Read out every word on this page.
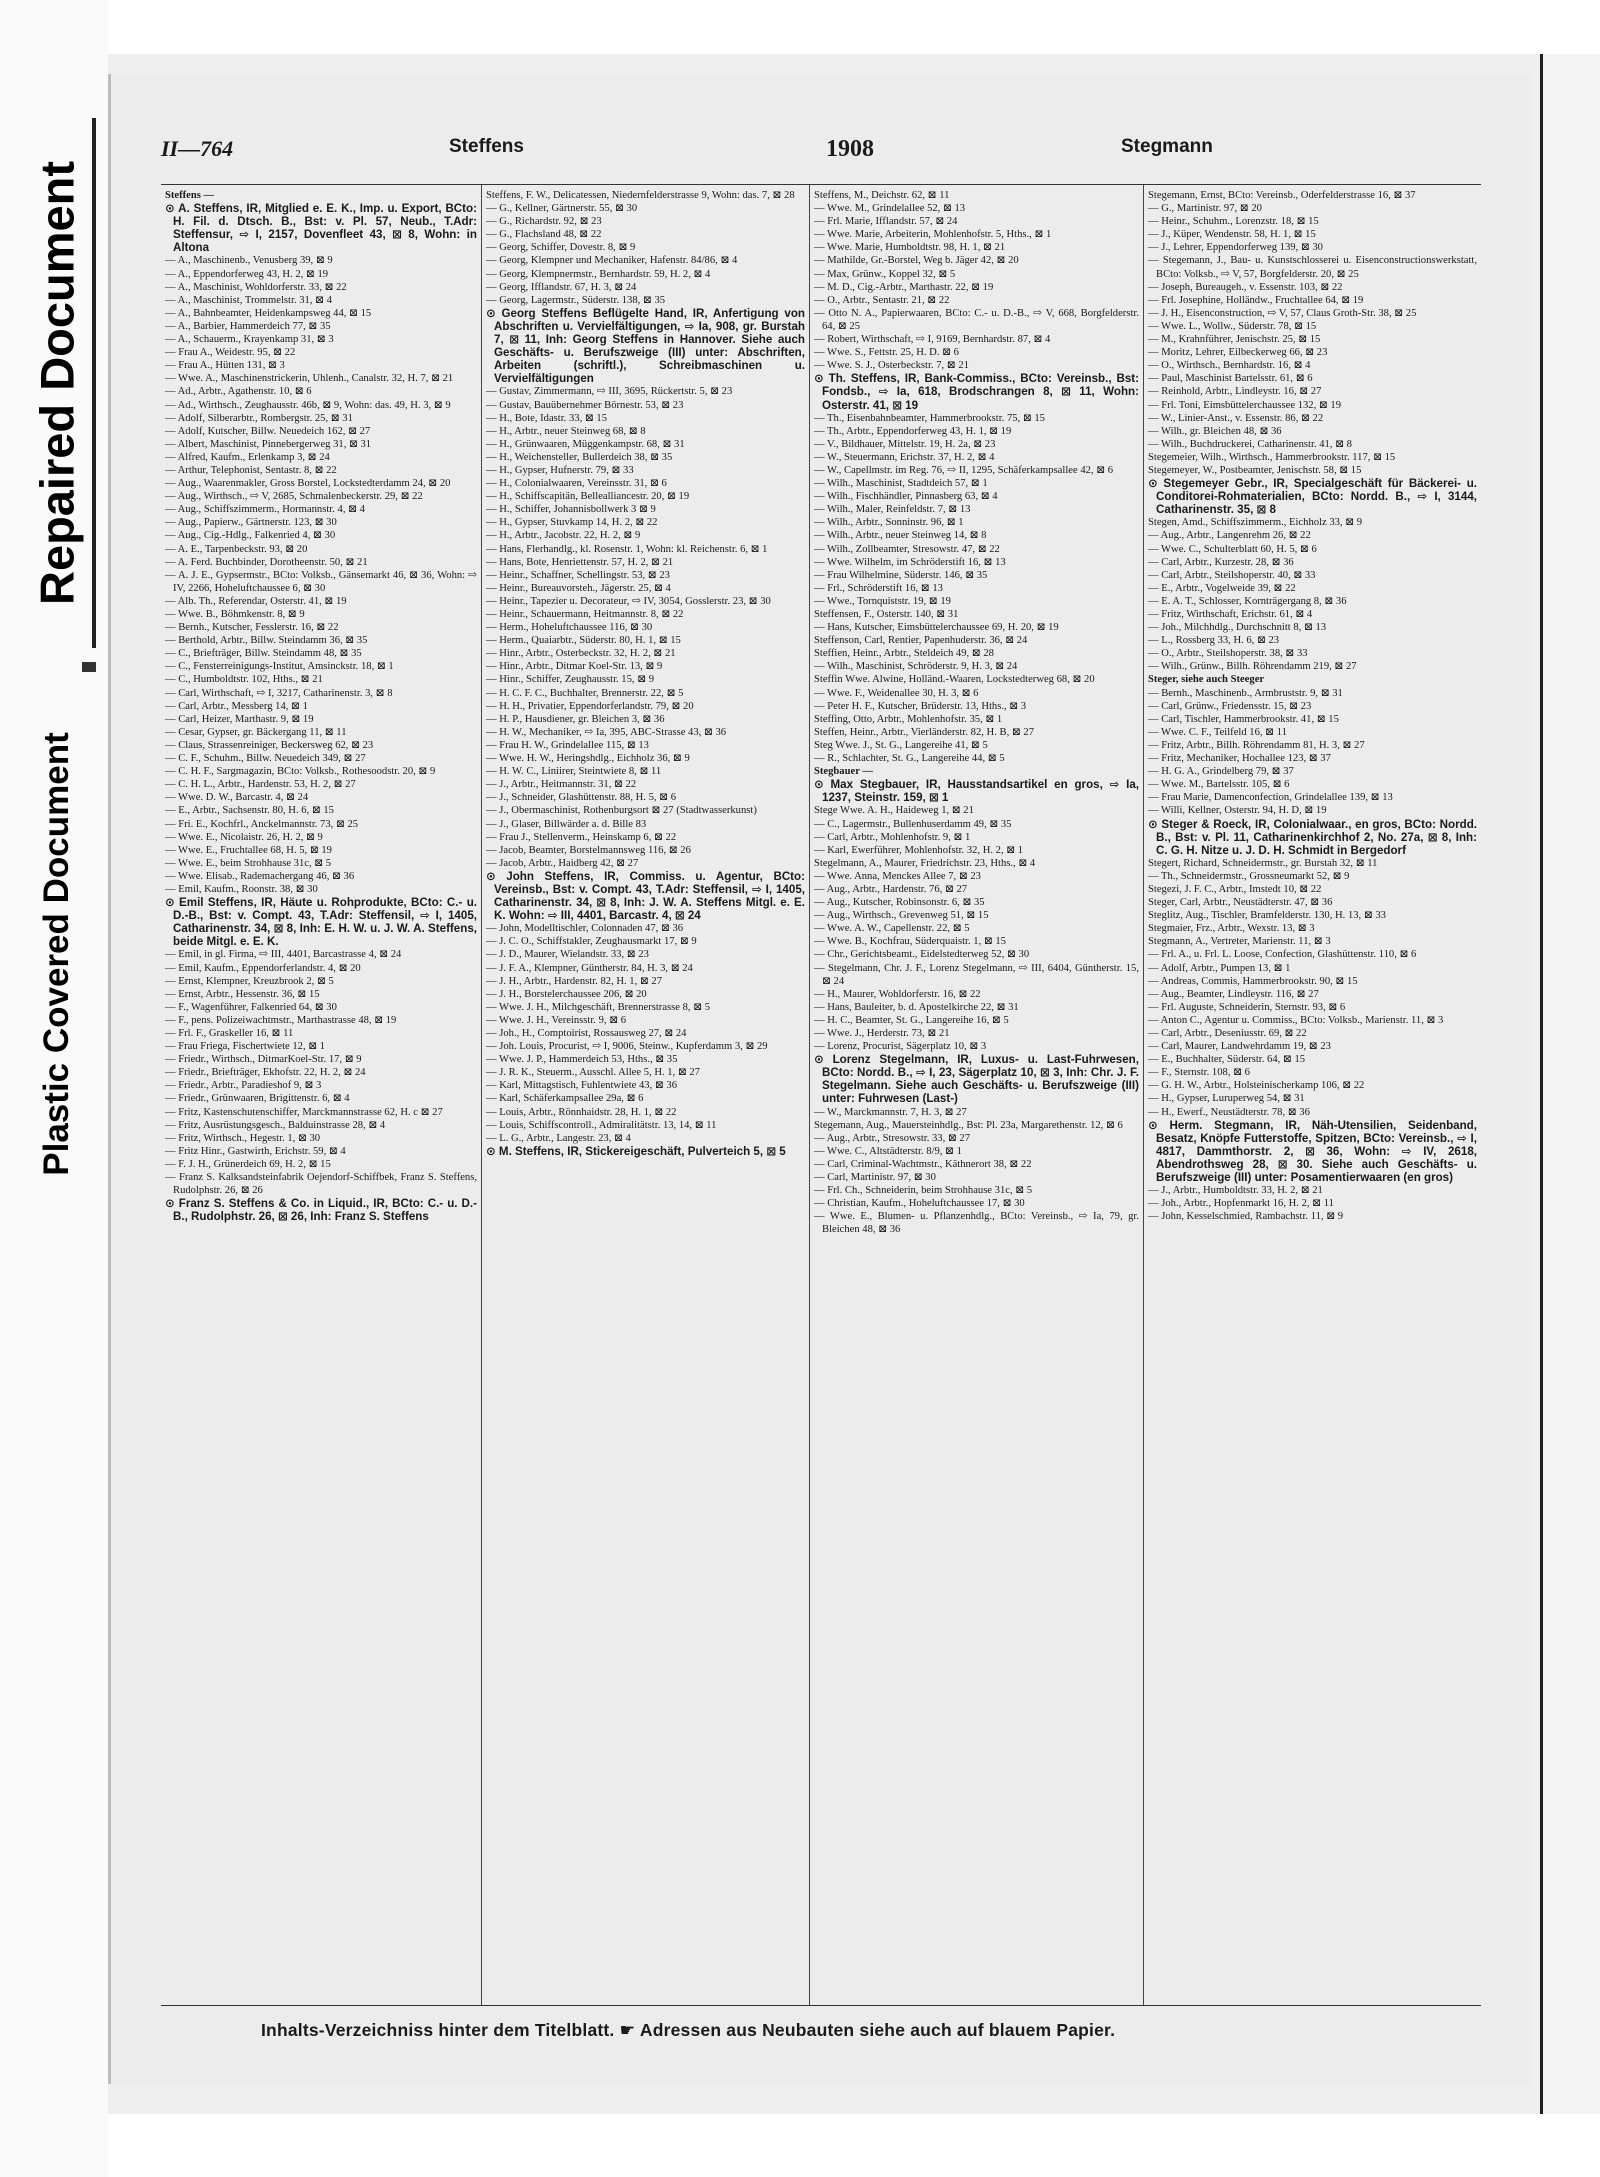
Repaired Document
Plastic Covered Document
II—764	Steffens	1908	Stegmann

Steffens —

⊙ A. Steffens, IR, Mitglied e. E. K., Imp. u. Export, BCto: H. Fil. d. Dtsch. B., Bst: v. Pl. 57, Neub., T.Adr: Steffensur, ⇨ I, 2157, Dovenfleet 43, ⊠ 8, Wohn: in Altona

— A., Maschinenb., Venusberg 39, ⊠ 9

— A., Eppendorferweg 43, H. 2, ⊠ 19

— A., Maschinist, Wohldorferstr. 33, ⊠ 22

— A., Maschinist, Trommelstr. 31, ⊠ 4

— A., Bahnbeamter, Heidenkampsweg 44, ⊠ 15

— A., Barbier, Hammerdeich 77, ⊠ 35

— A., Schauerm., Krayenkamp 31, ⊠ 3

— Frau A., Weidestr. 95, ⊠ 22

— Frau A., Hütten 131, ⊠ 3

— Wwe. A., Maschinenstrickerin, Uhlenh., Canalstr. 32, H. 7, ⊠ 21

— Ad., Arbtr., Agathenstr. 10, ⊠ 6

— Ad., Wirthsch., Zeughausstr. 46b, ⊠ 9, Wohn: das. 49, H. 3, ⊠ 9

— Adolf, Silberarbtr., Rombergstr. 25, ⊠ 31

— Adolf, Kutscher, Billw. Neuedeich 162, ⊠ 27

— Albert, Maschinist, Pinnebergerweg 31, ⊠ 31

— Alfred, Kaufm., Erlenkamp 3, ⊠ 24

— Arthur, Telephonist, Sentastr. 8, ⊠ 22

— Aug., Waarenmakler, Gross Borstel, Lockstedterdamm 24, ⊠ 20

— Aug., Wirthsch., ⇨ V, 2685, Schmalenbeckerstr. 29, ⊠ 22

— Aug., Schiffszimmerm., Hormannstr. 4, ⊠ 4

— Aug., Papierw., Gärtnerstr. 123, ⊠ 30

— Aug., Cig.-Hdlg., Falkenried 4, ⊠ 30

— A. E., Tarpenbeckstr. 93, ⊠ 20

— A. Ferd. Buchbinder, Dorotheenstr. 50, ⊠ 21

— A. J. E., Gypsermstr., BCto: Volksb., Gänsemarkt 46, ⊠ 36, Wohn: ⇨ IV, 2266, Hoheluftchaussee 6, ⊠ 30

— Alb. Th., Referendar, Osterstr. 41, ⊠ 19

— Wwe. B., Böhmkenstr. 8, ⊠ 9

— Bernh., Kutscher, Fesslerstr. 16, ⊠ 22

— Berthold, Arbtr., Billw. Steindamm 36, ⊠ 35

— C., Briefträger, Billw. Steindamm 48, ⊠ 35

— C., Fensterreinigungs-Institut, Amsinckstr. 18, ⊠ 1

— C., Humboldtstr. 102, Hths., ⊠ 21

— Carl, Wirthschaft, ⇨ I, 3217, Catharinenstr. 3, ⊠ 8

— Carl, Arbtr., Messberg 14, ⊠ 1

— Carl, Heizer, Marthastr. 9, ⊠ 19

— Cesar, Gypser, gr. Bäckergang 11, ⊠ 11

— Claus, Strassenreiniger, Beckersweg 62, ⊠ 23

— C. F., Schuhm., Billw. Neuedeich 349, ⊠ 27

— C. H. F., Sargmagazin, BCto: Volksb., Rothesoodstr. 20, ⊠ 9

— C. H. L., Arbtr., Hardenstr. 53, H. 2, ⊠ 27

— Wwe. D. W., Barcastr. 4, ⊠ 24

— E., Arbtr., Sachsenstr. 80, H. 6, ⊠ 15

— Fri. E., Kochfrl., Anckelmannstr. 73, ⊠ 25

— Wwe. E., Nicolaistr. 26, H. 2, ⊠ 9

— Wwe. E., Fruchtallee 68, H. 5, ⊠ 19

— Wwe. E., beim Strohhause 31c, ⊠ 5

— Wwe. Elisab., Rademachergang 46, ⊠ 36

— Emil, Kaufm., Roonstr. 38, ⊠ 30

⊙ Emil Steffens, IR, Häute u. Rohprodukte, BCto: C.- u. D.-B., Bst: v. Compt. 43, T.Adr: Steffensil, ⇨ I, 1405, Catharinenstr. 34, ⊠ 8, Inh: E. H. W. u. J. W. A. Steffens, beide Mitgl. e. E. K.

— Emil, in gl. Firma, ⇨ III, 4401, Barcastrasse 4, ⊠ 24

— Emil, Kaufm., Eppendorferlandstr. 4, ⊠ 20

— Ernst, Klempner, Kreuzbrook 2, ⊠ 5

— Ernst, Arbtr., Hessenstr. 36, ⊠ 15

— F., Wagenführer, Falkenried 64, ⊠ 30

— F., pens. Polizeiwachtmstr., Marthastrasse 48, ⊠ 19

— Frl. F., Graskeller 16, ⊠ 11

— Frau Friega, Fischertwiete 12, ⊠ 1

— Friedr., Wirthsch., DitmarKoel-Str. 17, ⊠ 9

— Friedr., Briefträger, Ekhofstr. 22, H. 2, ⊠ 24

— Friedr., Arbtr., Paradieshof 9, ⊠ 3

— Friedr., Grünwaaren, Brigittenstr. 6, ⊠ 4

— Fritz, Kastenschutenschiffer, Marckmannstrasse 62, H. c ⊠ 27

— Fritz, Ausrüstungsgesch., Balduinstrasse 28, ⊠ 4

— Fritz, Wirthsch., Hegestr. 1, ⊠ 30

— Fritz Hinr., Gastwirth, Erichstr. 59, ⊠ 4

— F. J. H., Grünerdeich 69, H. 2, ⊠ 15

— Franz S. Kalksandsteinfabrik Oejendorf-Schiffbek, Franz S. Steffens, Rudolphstr. 26, ⊠ 26

⊙ Franz S. Steffens & Co. in Liquid., IR, BCto: C.- u. D.-B., Rudolphstr. 26, ⊠ 26, Inh: Franz S. Steffens

Steffens, F. W., Delicatessen, Niedernfelderstrasse 9, Wohn: das. 7, ⊠ 28

— G., Kellner, Gärtnerstr. 55, ⊠ 30

— G., Richardstr. 92, ⊠ 23

— G., Flachsland 48, ⊠ 22

— Georg, Schiffer, Dovestr. 8, ⊠ 9

— Georg, Klempner und Mechaniker, Hafenstr. 84/86, ⊠ 4

— Georg, Klempnermstr., Bernhardstr. 59, H. 2, ⊠ 4

— Georg, Ifflandstr. 67, H. 3, ⊠ 24

— Georg, Lagermstr., Süderstr. 138, ⊠ 35

⊙ Georg Steffens Beflügelte Hand, IR, Anfertigung von Abschriften u. Vervielfältigungen, ⇨ Ia, 908, gr. Burstah 7, ⊠ 11, Inh: Georg Steffens in Hannover. Siehe auch Geschäfts- u. Berufszweige (III) unter: Abschriften, Arbeiten (schriftl.), Schreibmaschinen u. Vervielfältigungen

— Gustav, Zimmermann, ⇨ III, 3695, Rückertstr. 5, ⊠ 23

— Gustav, Bauübernehmer Börnestr. 53, ⊠ 23

— H., Bote, Idastr. 33, ⊠ 15

— H., Arbtr., neuer Steinweg 68, ⊠ 8

— H., Grünwaaren, Müggenkampstr. 68, ⊠ 31

— H., Weichensteller, Bullerdeich 38, ⊠ 35

— H., Gypser, Hufnerstr. 79, ⊠ 33

— H., Colonialwaaren, Vereinsstr. 31, ⊠ 6

— H., Schiffscapitän, Bellealliancestr. 20, ⊠ 19

— H., Schiffer, Johannisbollwerk 3 ⊠ 9

— H., Gypser, Stuvkamp 14, H. 2, ⊠ 22

— H., Arbtr., Jacobstr. 22, H. 2, ⊠ 9

— Hans, Flerhandlg., kl. Rosenstr. 1, Wohn: kl. Reichenstr. 6, ⊠ 1

— Hans, Bote, Henriettenstr. 57, H. 2, ⊠ 21

— Heinr., Schaffner, Schellingstr. 53, ⊠ 23

— Heinr., Bureauvorsteh., Jägerstr. 25, ⊠ 4

— Heinr., Tapezier u. Decorateur, ⇨ IV, 3054, Gosslerstr. 23, ⊠ 30

— Heinr., Schauermann, Heitmannstr. 8, ⊠ 22

— Herm., Hoheluftchaussee 116, ⊠ 30

— Herm., Quaiarbtr., Süderstr. 80, H. 1, ⊠ 15

— Hinr., Arbtr., Osterbeckstr. 32, H. 2, ⊠ 21

— Hinr., Arbtr., Ditmar Koel-Str. 13, ⊠ 9

— Hinr., Schiffer, Zeughausstr. 15, ⊠ 9

— H. C. F. C., Buchhalter, Brennerstr. 22, ⊠ 5

— H. H., Privatier, Eppendorferlandstr. 79, ⊠ 20

— H. P., Hausdiener, gr. Bleichen 3, ⊠ 36

— H. W., Mechaniker, ⇨ Ia, 395, ABC-Strasse 43, ⊠ 36

— Frau H. W., Grindelallee 115, ⊠ 13

— Wwe. H. W., Heringshdlg., Eichholz 36, ⊠ 9

— H. W. C., Liniirer, Steintwiete 8, ⊠ 11

— J., Arbtr., Heitmannstr. 31, ⊠ 22

— J., Schneider, Glashüttenstr. 88, H. 5, ⊠ 6

— J., Obermaschinist, Rothenburgsort ⊠ 27 (Stadtwasserkunst)

— J., Glaser, Billwärder a. d. Bille 83

— Frau J., Stellenverm., Heinskamp 6, ⊠ 22

— Jacob, Beamter, Borstelmannsweg 116, ⊠ 26

— Jacob, Arbtr., Haidberg 42, ⊠ 27

⊙ John Steffens, IR, Commiss. u. Agentur, BCto: Vereinsb., Bst: v. Compt. 43, T.Adr: Steffensil, ⇨ I, 1405, Catharinenstr. 34, ⊠ 8, Inh: J. W. A. Steffens Mitgl. e. E. K. Wohn: ⇨ III, 4401, Barcastr. 4, ⊠ 24

— John, Modelltischler, Colonnaden 47, ⊠ 36

— J. C. O., Schiffstakler, Zeughausmarkt 17, ⊠ 9

— J. D., Maurer, Wielandstr. 33, ⊠ 23

— J. F. A., Klempner, Güntherstr. 84, H. 3, ⊠ 24

— J. H., Arbtr., Hardenstr. 82, H. 1, ⊠ 27

— J. H., Borstelerchaussee 206, ⊠ 20

— Wwe. J. H., Milchgeschäft, Brennerstrasse 8, ⊠ 5

— Wwe. J. H., Vereinsstr. 9, ⊠ 6

— Joh., H., Comptoirist, Rossausweg 27, ⊠ 24

— Joh. Louis, Procurist, ⇨ I, 9006, Steinw., Kupferdamm 3, ⊠ 29

— Wwe. J. P., Hammerdeich 53, Hths., ⊠ 35

— J. R. K., Steuerm., Ausschl. Allee 5, H. 1, ⊠ 27

— Karl, Mittagstisch, Fuhlentwiete 43, ⊠ 36

— Karl, Schäferkampsallee 29a, ⊠ 6

— Louis, Arbtr., Rönnhaidstr. 28, H. 1, ⊠ 22

— Louis, Schiffscontroll., Admiralitätstr. 13, 14, ⊠ 11

— L. G., Arbtr., Langestr. 23, ⊠ 4

⊙ M. Steffens, IR, Stickereigeschäft, Pulverteich 5, ⊠ 5

Steffens, M., Deichstr. 62, ⊠ 11

— Wwe. M., Grindelallee 52, ⊠ 13

— Frl. Marie, Ifflandstr. 57, ⊠ 24

— Wwe. Marie, Arbeiterin, Mohlenhofstr. 5, Hths., ⊠ 1

— Wwe. Marie, Humboldtstr. 98, H. 1, ⊠ 21

— Mathilde, Gr.-Borstel, Weg b. Jäger 42, ⊠ 20

— Max, Grünw., Koppel 32, ⊠ 5

— M. D., Cig.-Arbtr., Marthastr. 22, ⊠ 19

— O., Arbtr., Sentastr. 21, ⊠ 22

— Otto N. A., Papierwaaren, BCto: C.- u. D.-B., ⇨ V, 668, Borgfelderstr. 64, ⊠ 25

— Robert, Wirthschaft, ⇨ I, 9169, Bernhardstr. 87, ⊠ 4

— Wwe. S., Fettstr. 25, H. D. ⊠ 6

— Wwe. S. J., Osterbeckstr. 7, ⊠ 21

⊙ Th. Steffens, IR, Bank-Commiss., BCto: Vereinsb., Bst: Fondsb., ⇨ Ia, 618, Brodschrangen 8, ⊠ 11, Wohn: Osterstr. 41, ⊠ 19

— Th., Eisenbahnbeamter, Hammerbrookstr. 75, ⊠ 15

— Th., Arbtr., Eppendorferweg 43, H. 1, ⊠ 19

— V., Bildhauer, Mittelstr. 19, H. 2a, ⊠ 23

— W., Steuermann, Erichstr. 37, H. 2, ⊠ 4

— W., Capellmstr. im Reg. 76, ⇨ II, 1295, Schäferkampsallee 42, ⊠ 6

— Wilh., Maschinist, Stadtdeich 57, ⊠ 1

— Wilh., Fischhändler, Pinnasberg 63, ⊠ 4

— Wilh., Maler, Reinfeldstr. 7, ⊠ 13

— Wilh., Arbtr., Sonninstr. 96, ⊠ 1

— Wilh., Arbtr., neuer Steinweg 14, ⊠ 8

— Wilh., Zollbeamter, Stresowstr. 47, ⊠ 22

— Wwe. Wilhelm, im Schröderstift 16, ⊠ 13

— Frau Wilhelmine, Süderstr. 146, ⊠ 35

— Frl., Schröderstift 16, ⊠ 13

— Wwe., Tornquiststr. 19, ⊠ 19

Steffensen, F., Osterstr. 140, ⊠ 31

— Hans, Kutscher, Eimsbüttelerchaussee 69, H. 20, ⊠ 19

Steffenson, Carl, Rentier, Papenhuderstr. 36, ⊠ 24

Steffien, Heinr., Arbtr., Steldeich 49, ⊠ 28

— Wilh., Maschinist, Schröderstr. 9, H. 3, ⊠ 24

Steffin Wwe. Alwine, Holländ.-Waaren, Lockstedterweg 68, ⊠ 20

— Wwe. F., Weidenallee 30, H. 3, ⊠ 6

— Peter H. F., Kutscher, Brüderstr. 13, Hths., ⊠ 3

Steffing, Otto, Arbtr., Mohlenhofstr. 35, ⊠ 1

Steffen, Heinr., Arbtr., Vierländerstr. 82, H. B, ⊠ 27

Steg Wwe. J., St. G., Langereihe 41, ⊠ 5

— R., Schlachter, St. G., Langereihe 44, ⊠ 5

Stegbauer —

⊙ Max Stegbauer, IR, Hausstandsartikel en gros, ⇨ Ia, 1237, Steinstr. 159, ⊠ 1

Stege Wwe. A. H., Haideweg 1, ⊠ 21

— C., Lagermstr., Bullenhuserdamm 49, ⊠ 35

— Carl, Arbtr., Mohlenhofstr. 9, ⊠ 1

— Karl, Ewerführer, Mohlenhofstr. 32, H. 2, ⊠ 1

Stegelmann, A., Maurer, Friedrichstr. 23, Hths., ⊠ 4

— Wwe. Anna, Menckes Allee 7, ⊠ 23

— Aug., Arbtr., Hardenstr. 76, ⊠ 27

— Aug., Kutscher, Robinsonstr. 6, ⊠ 35

— Aug., Wirthsch., Grevenweg 51, ⊠ 15

— Wwe. A. W., Capellenstr. 22, ⊠ 5

— Wwe. B., Kochfrau, Süderquaistr. 1, ⊠ 15

— Chr., Gerichtsbeamt., Eidelstedterweg 52, ⊠ 30

— Stegelmann, Chr. J. F., Lorenz Stegelmann, ⇨ III, 6404, Güntherstr. 15, ⊠ 24

— H., Maurer, Wohldorferstr. 16, ⊠ 22

— Hans, Bauleiter, b. d. Apostelkirche 22, ⊠ 31

— H. C., Beamter, St. G., Langereihe 16, ⊠ 5

— Wwe. J., Herderstr. 73, ⊠ 21

— Lorenz, Procurist, Sägerplatz 10, ⊠ 3

⊙ Lorenz Stegelmann, IR, Luxus- u. Last-Fuhrwesen, BCto: Nordd. B., ⇨ I, 23, Sägerplatz 10, ⊠ 3, Inh: Chr. J. F. Stegelmann. Siehe auch Geschäfts- u. Berufszweige (III) unter: Fuhrwesen (Last-)

— W., Marckmannstr. 7, H. 3, ⊠ 27

Stegemann, Aug., Mauersteinhdlg., Bst: Pl. 23a, Margarethenstr. 12, ⊠ 6

— Aug., Arbtr., Stresowstr. 33, ⊠ 27

— Wwe. C., Altstädterstr. 8/9, ⊠ 1

— Carl, Criminal-Wachtmstr., Käthnerort 38, ⊠ 22

— Carl, Martinistr. 97, ⊠ 30

— Frl. Ch., Schneiderin, beim Strohhause 31c, ⊠ 5

— Christian, Kaufm., Hoheluftchaussee 17, ⊠ 30

— Wwe. E., Blumen- u. Pflanzenhdlg., BCto: Vereinsb., ⇨ Ia, 79, gr. Bleichen 48, ⊠ 36

Stegemann, Ernst, BCto: Vereinsb., Oderfelderstrasse 16, ⊠ 37

— G., Martinistr. 97, ⊠ 20

— Heinr., Schuhm., Lorenzstr. 18, ⊠ 15

— J., Küper, Wendenstr. 58, H. 1, ⊠ 15

— J., Lehrer, Eppendorferweg 139, ⊠ 30

— Stegemann, J., Bau- u. Kunstschlosserei u. Eisenconstructionswerkstatt, BCto: Volksb., ⇨ V, 57, Borgfelderstr. 20, ⊠ 25

— Joseph, Bureaugeh., v. Essenstr. 103, ⊠ 22

— Frl. Josephine, Holländw., Fruchtallee 64, ⊠ 19

— J. H., Eisenconstruction, ⇨ V, 57, Claus Groth-Str. 38, ⊠ 25

— Wwe. L., Wollw., Süderstr. 78, ⊠ 15

— M., Krahnführer, Jenischstr. 25, ⊠ 15

— Moritz, Lehrer, Eilbeckerweg 66, ⊠ 23

— O., Wirthsch., Bernhardstr. 16, ⊠ 4

— Paul, Maschinist Bartelsstr. 61, ⊠ 6

— Reinhold, Arbtr., Lindleystr. 16, ⊠ 27

— Frl. Toni, Eimsbüttelerchaussee 132, ⊠ 19

— W., Linier-Anst., v. Essenstr. 86, ⊠ 22

— Wilh., gr. Bleichen 48, ⊠ 36

— Wilh., Buchdruckerei, Catharinenstr. 41, ⊠ 8

Stegemeier, Wilh., Wirthsch., Hammerbrookstr. 117, ⊠ 15

Stegemeyer, W., Postbeamter, Jenischstr. 58, ⊠ 15

⊙ Stegemeyer Gebr., IR, Specialgeschäft für Bäckerei- u. Conditorei-Rohmaterialien, BCto: Nordd. B., ⇨ I, 3144, Catharinenstr. 35, ⊠ 8

Stegen, Amd., Schiffszimmerm., Eichholz 33, ⊠ 9

— Aug., Arbtr., Langenrehm 26, ⊠ 22

— Wwe. C., Schulterblatt 60, H. 5, ⊠ 6

— Carl, Arbtr., Kurzestr. 28, ⊠ 36

— Carl, Arbtr., Steilshoperstr. 40, ⊠ 33

— E., Arbtr., Vogelweide 39, ⊠ 22

— E. A. T., Schlosser, Kornträgergang 8, ⊠ 36

— Fritz, Wirthschaft, Erichstr. 61, ⊠ 4

— Joh., Milchhdlg., Durchschnitt 8, ⊠ 13

— L., Rossberg 33, H. 6, ⊠ 23

— O., Arbtr., Steilshoperstr. 38, ⊠ 33

— Wilh., Grünw., Billh. Röhrendamm 219, ⊠ 27

Steger, siehe auch Steeger

— Bernh., Maschinenb., Armbruststr. 9, ⊠ 31

— Carl, Grünw., Friedensstr. 15, ⊠ 23

— Carl, Tischler, Hammerbrookstr. 41, ⊠ 15

— Wwe. C. F., Teilfeld 16, ⊠ 11

— Fritz, Arbtr., Billh. Röhrendamm 81, H. 3, ⊠ 27

— Fritz, Mechaniker, Hochallee 123, ⊠ 37

— H. G. A., Grindelberg 79, ⊠ 37

— Wwe. M., Bartelsstr. 105, ⊠ 6

— Frau Marie, Damenconfection, Grindelallee 139, ⊠ 13

— Willi, Kellner, Osterstr. 94, H. D, ⊠ 19

⊙ Steger & Roeck, IR, Colonialwaar., en gros, BCto: Nordd. B., Bst: v. Pl. 11, Catharinenkirchhof 2, No. 27a, ⊠ 8, Inh: C. G. H. Nitze u. J. D. H. Schmidt in Bergedorf

Stegert, Richard, Schneidermstr., gr. Burstah 32, ⊠ 11

— Th., Schneidermstr., Grossneumarkt 52, ⊠ 9

Stegezi, J. F. C., Arbtr., Imstedt 10, ⊠ 22

Steger, Carl, Arbtr., Neustädterstr. 47, ⊠ 36

Steglitz, Aug., Tischler, Bramfelderstr. 130, H. 13, ⊠ 33

Stegmaier, Frz., Arbtr., Wexstr. 13, ⊠ 3

Stegmann, A., Vertreter, Marienstr. 11, ⊠ 3

— Frl. A., u. Frl. L. Loose, Confection, Glashüttenstr. 110, ⊠ 6

— Adolf, Arbtr., Pumpen 13, ⊠ 1

— Andreas, Commis, Hammerbrookstr. 90, ⊠ 15

— Aug., Beamter, Lindleystr. 116, ⊠ 27

— Frl. Auguste, Schneiderin, Sternstr. 93, ⊠ 6

— Anton C., Agentur u. Commiss., BCto: Volksb., Marienstr. 11, ⊠ 3

— Carl, Arbtr., Deseniusstr. 69, ⊠ 22

— Carl, Maurer, Landwehrdamm 19, ⊠ 23

— E., Buchhalter, Süderstr. 64, ⊠ 15

— F., Sternstr. 108, ⊠ 6

— G. H. W., Arbtr., Holsteinischerkamp 106, ⊠ 22

— H., Gypser, Luruperweg 54, ⊠ 31

— H., Ewerf., Neustädterstr. 78, ⊠ 36

⊙ Herm. Stegmann, IR, Näh-Utensilien, Seidenband, Besatz, Knöpfe Futterstoffe, Spitzen, BCto: Vereinsb., ⇨ I, 4817, Dammthorstr. 2, ⊠ 36, Wohn: ⇨ IV, 2618, Abendrothsweg 28, ⊠ 30. Siehe auch Geschäfts- u. Berufszweige (III) unter: Posamentierwaaren (en gros)

— J., Arbtr., Humboldtstr. 33, H. 2, ⊠ 21

— Joh., Arbtr., Hopfenmarkt 16, H. 2, ⊠ 11

— John, Kesselschmied, Rambachstr. 11, ⊠ 9

Inhalts-Verzeichniss hinter dem Titelblatt. ☛ Adressen aus Neubauten siehe auch auf blauem Papier.
